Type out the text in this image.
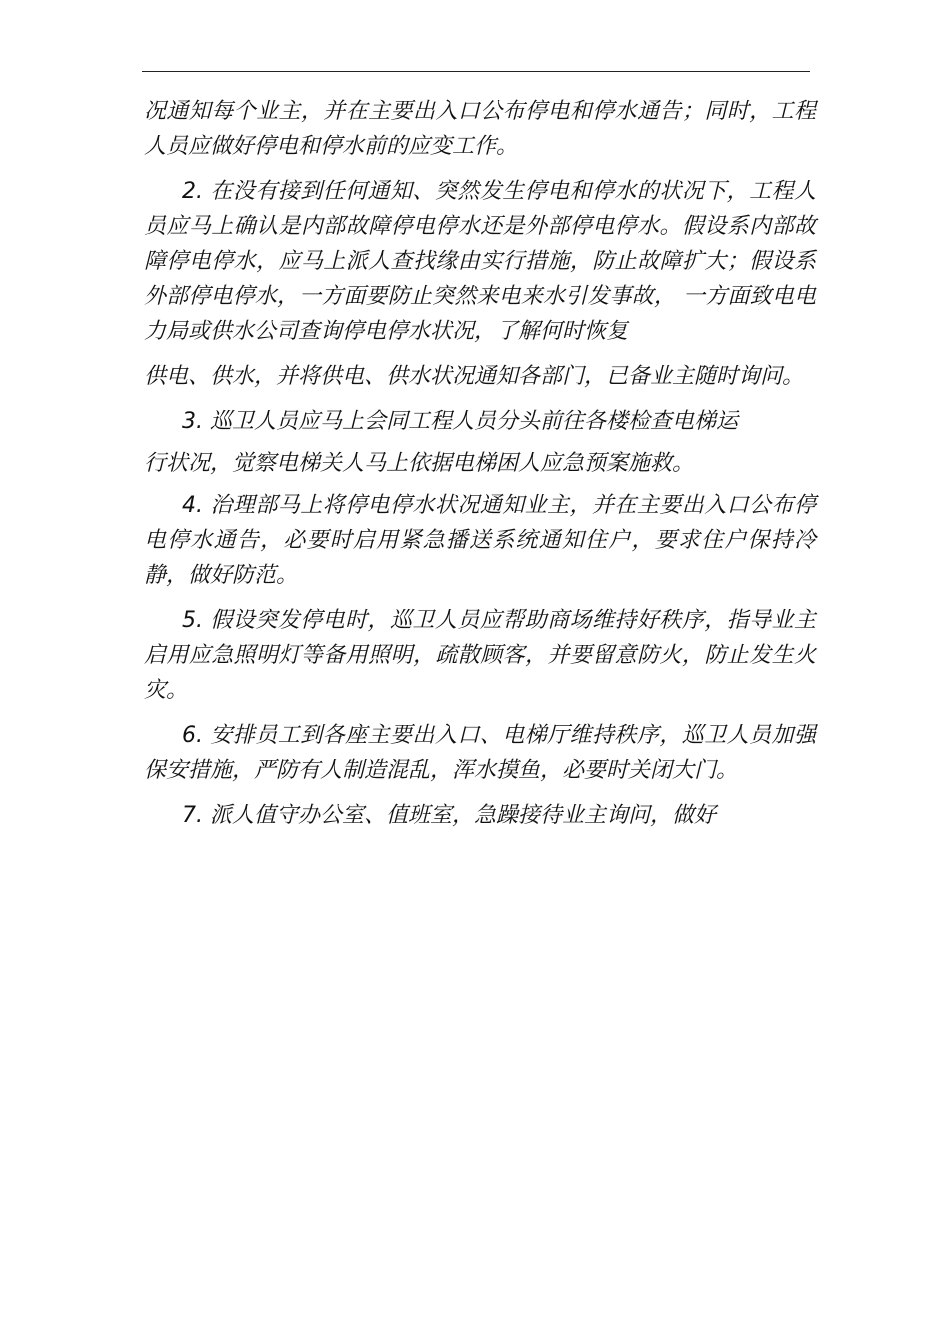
况通知每个业主，并在主要出入口公布停电和停水通告；同时，工程人员应做好停电和停水前的应变工作。

2. 在没有接到任何通知、突然发生停电和停水的状况下，工程人员应马上确认是内部故障停电停水还是外部停电停水。假设系内部故障停电停水，应马上派人查找缘由实行措施，防止故障扩大；假设系外部停电停水，一方面要防止突然来电来水引发事故， 一方面致电电力局或供水公司查询停电停水状况，了解何时恢复

供电、供水，并将供电、供水状况通知各部门，已备业主随时询问。

3. 巡卫人员应马上会同工程人员分头前往各楼检查电梯运

行状况，觉察电梯关人马上依据电梯困人应急预案施救。

4. 治理部马上将停电停水状况通知业主，并在主要出入口公布停电停水通告，必要时启用紧急播送系统通知住户，要求住户保持冷静，做好防范。

5. 假设突发停电时，巡卫人员应帮助商场维持好秩序，指导业主启用应急照明灯等备用照明，疏散顾客，并要留意防火，防止发生火灾。

6. 安排员工到各座主要出入口、电梯厅维持秩序，巡卫人员加强保安措施，严防有人制造混乱，浑水摸鱼，必要时关闭大门。

7. 派人值守办公室、值班室，急躁接待业主询问，做好
